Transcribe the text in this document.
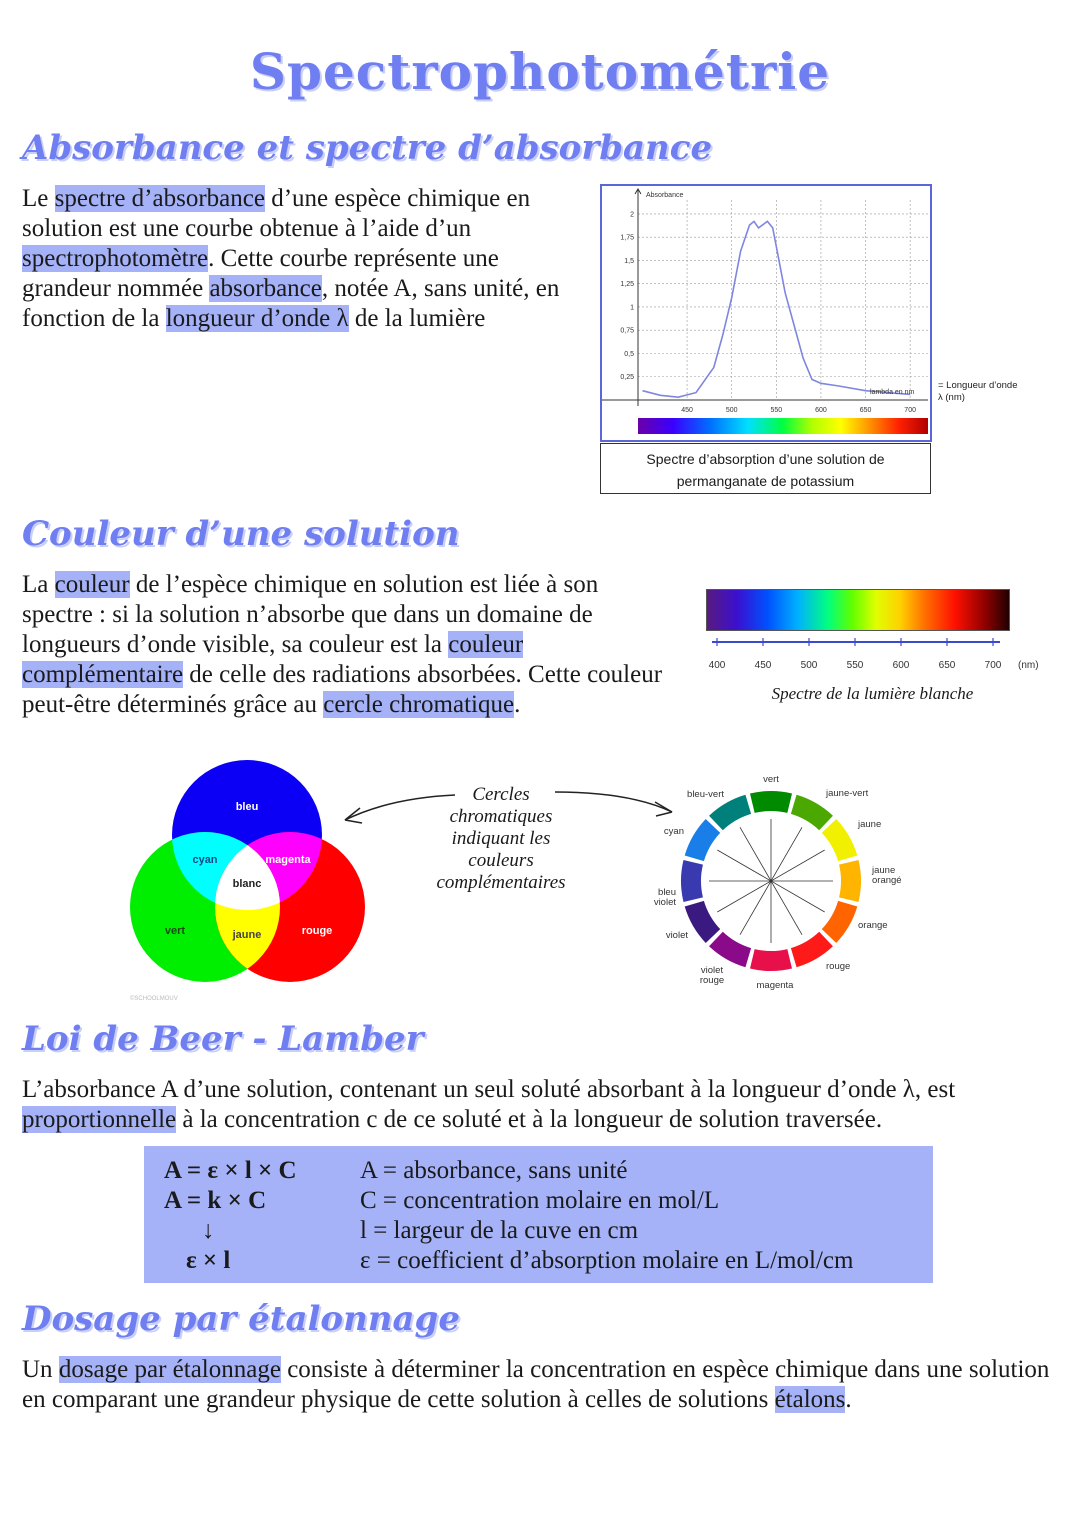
Spectrophotométrie
Absorbance et spectre d’absorbance
Le spectre d’absorbance d’une espèce chimique en solution est une courbe obtenue à l’aide d’un spectrophotomètre. Cette courbe représente une grandeur nommée absorbance, notée A, sans unité, en fonction de la longueur d’onde λ de la lumière
2
1,75
1,5
1,25
1
0,75
0,5
0,25
450	500	550	600	650	700
Absorbance
lambda en nm
= Longueur d’onde λ (nm)
Spectre d’absorption d’une solution de permanganate de potassium
Couleur d’une solution
La couleur de l’espèce chimique en solution est liée à son spectre : si la solution n’absorbe que dans un domaine de longueurs d’onde visible, sa couleur est la couleur complémentaire de celle des radiations absorbées. Cette couleur peut-être déterminés grâce au cercle chromatique.
400	450	500	550	600	650	700 (nm)
Spectre de la lumière blanche
bleu
cyan	magenta
blanc
vert	jaune	rouge
©SCHOOLMOUV
Cercles chromatiques indiquant les couleurs complémentaires
vert
jaune-vert
jaune
jaune orangé
orange
rouge
magenta
violet rouge
violet
bleu violet
cyan
bleu-vert
Loi de Beer - Lamber
L’absorbance A d’une solution, contenant un seul soluté absorbant à la longueur d’onde λ, est proportionnelle à la concentration c de ce soluté et à la longueur de solution traversée.
A = ε × l × C
A = k × C
↓
ε × l
A = absorbance, sans unité
C = concentration molaire en mol/L
l = largeur de la cuve en cm
ε = coefficient d’absorption molaire en L/mol/cm
Dosage par étalonnage
Un dosage par étalonnage consiste à déterminer la concentration en espèce chimique dans une solution en comparant une grandeur physique de cette solution à celles de solutions étalons.
